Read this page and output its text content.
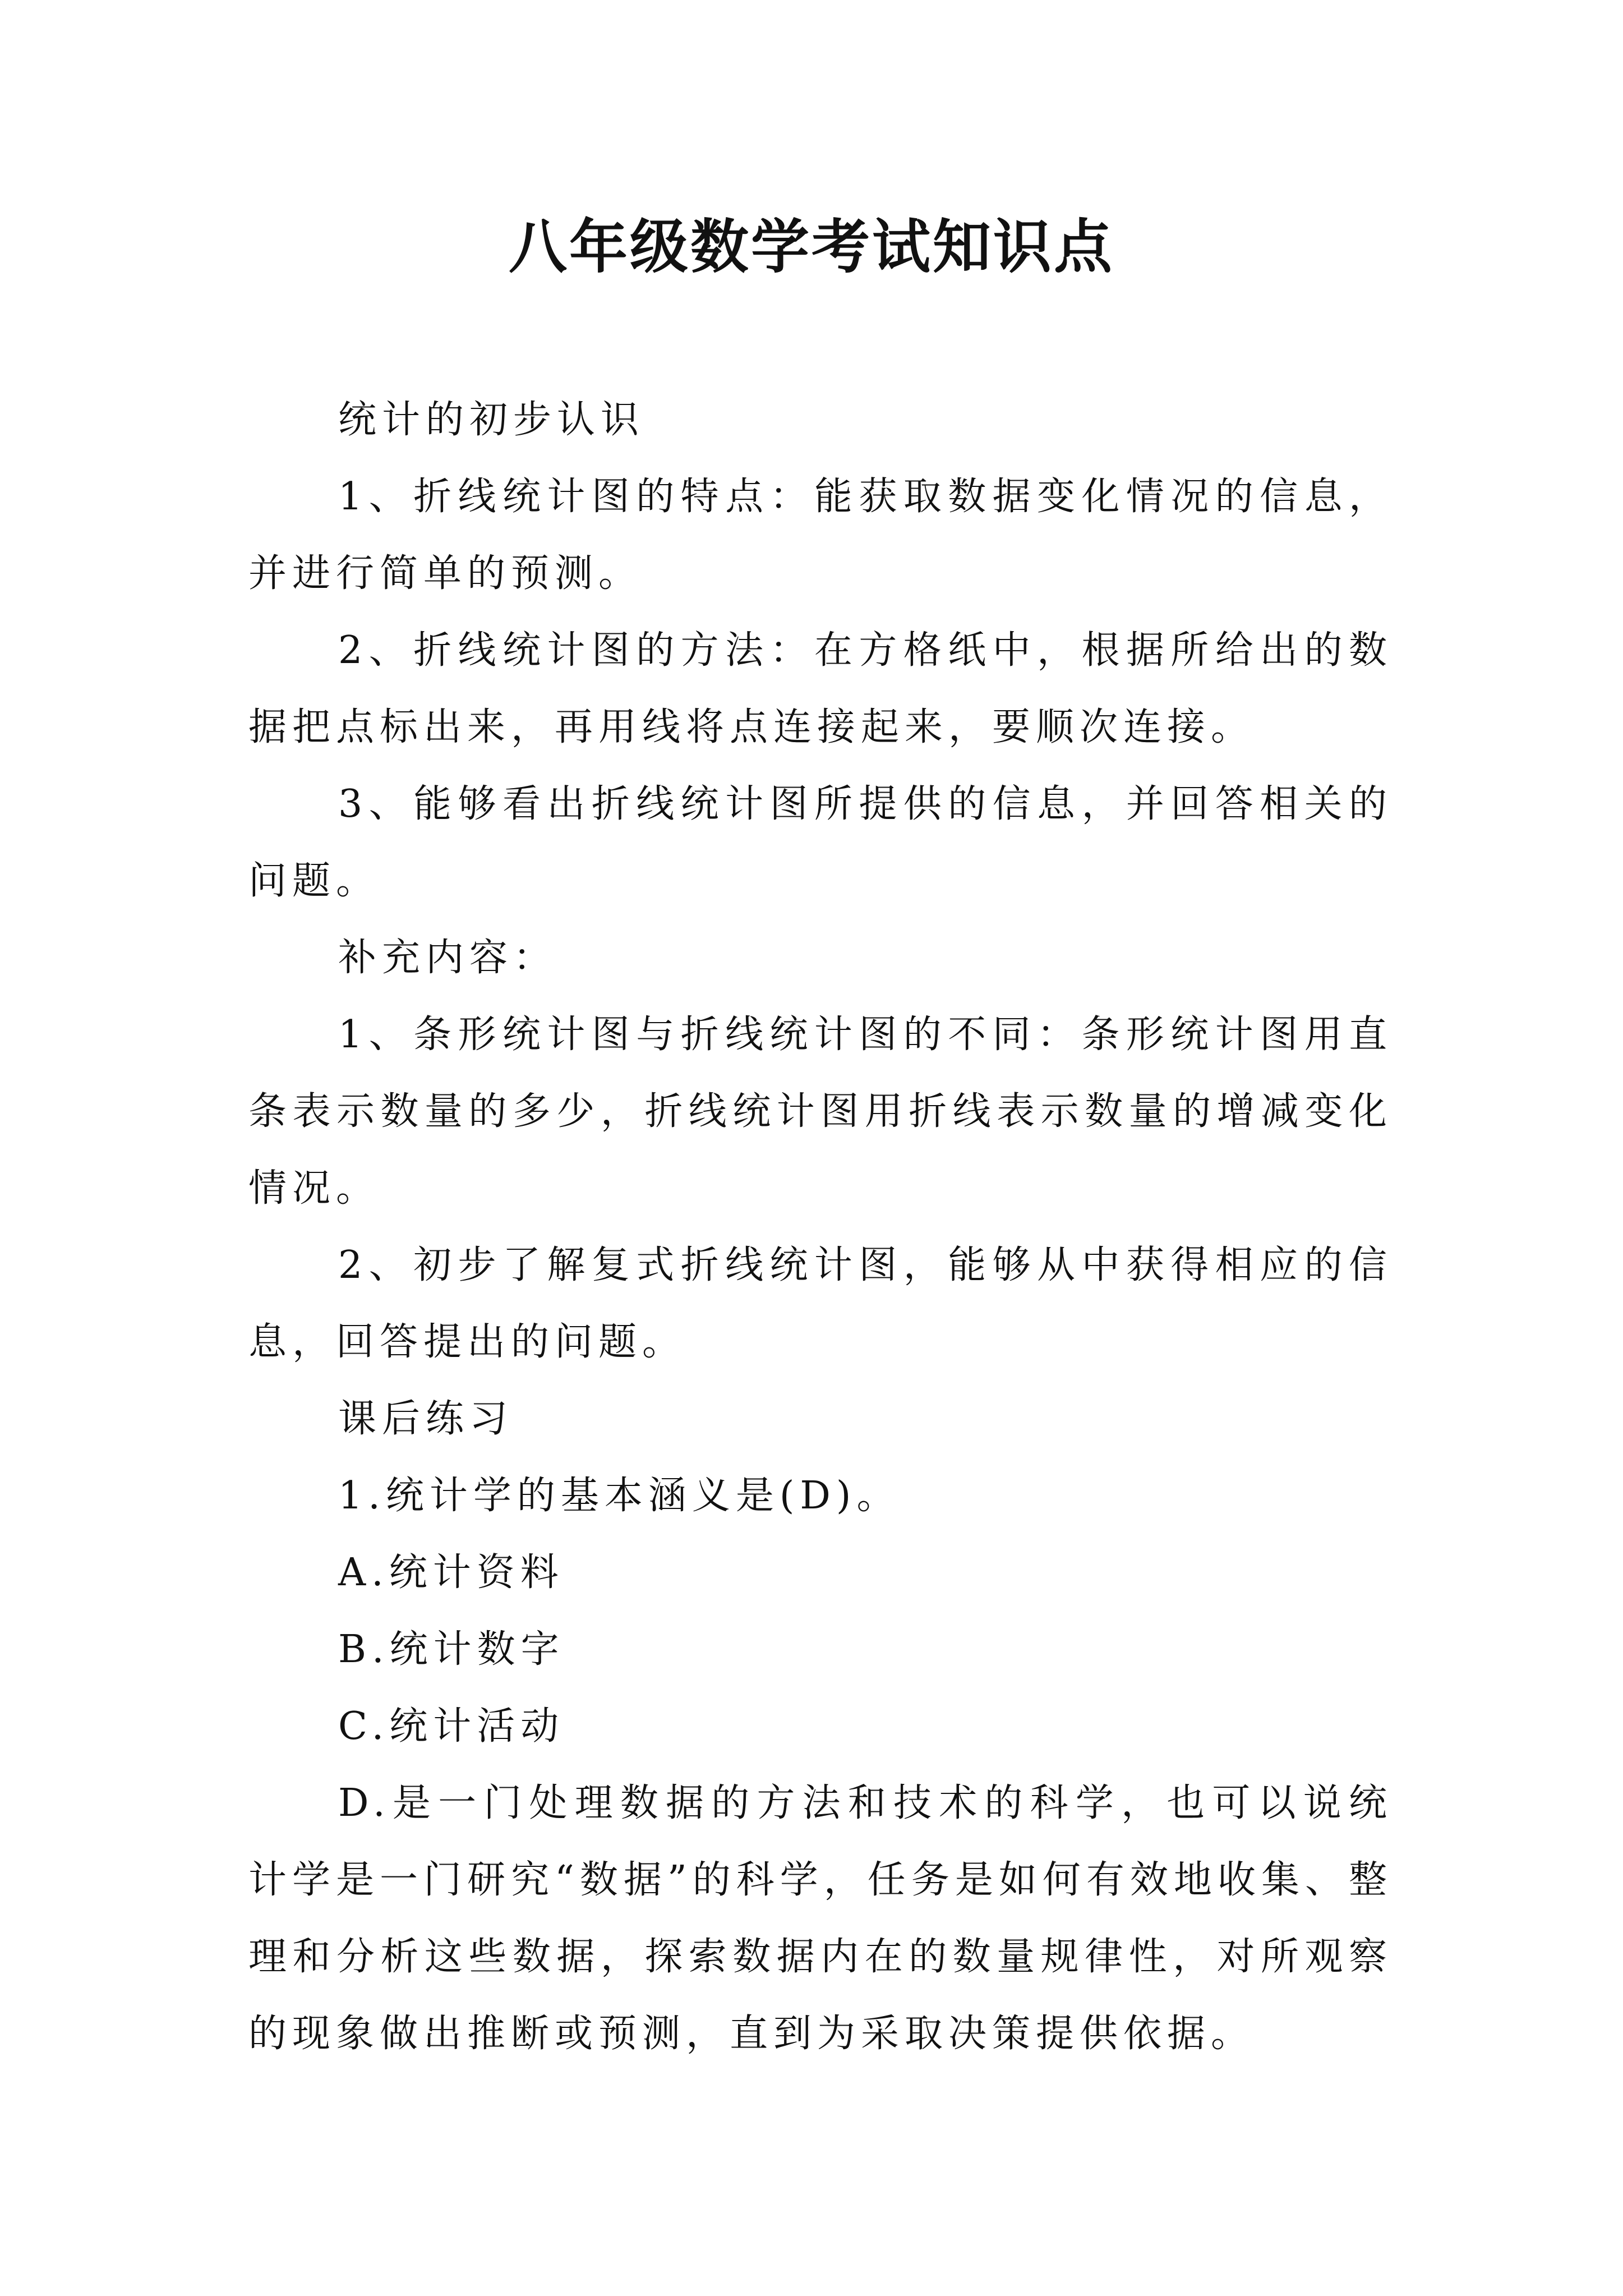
八年级数学考试知识点

统计的初步认识

1、折线统计图的特点：能获取数据变化情况的信息，并进行简单的预测。

2、折线统计图的方法：在方格纸中，根据所给出的数据把点标出来，再用线将点连接起来，要顺次连接。

3、能够看出折线统计图所提供的信息，并回答相关的问题。

补充内容：

1、条形统计图与折线统计图的不同：条形统计图用直条表示数量的多少，折线统计图用折线表示数量的增减变化情况。

2、初步了解复式折线统计图，能够从中获得相应的信息，回答提出的问题。

课后练习

1.统计学的基本涵义是(D)。

A.统计资料

B.统计数字

C.统计活动

D.是一门处理数据的方法和技术的科学，也可以说统计学是一门研究“数据”的科学，任务是如何有效地收集、整理和分析这些数据，探索数据内在的数量规律性，对所观察的现象做出推断或预测，直到为采取决策提供依据。
